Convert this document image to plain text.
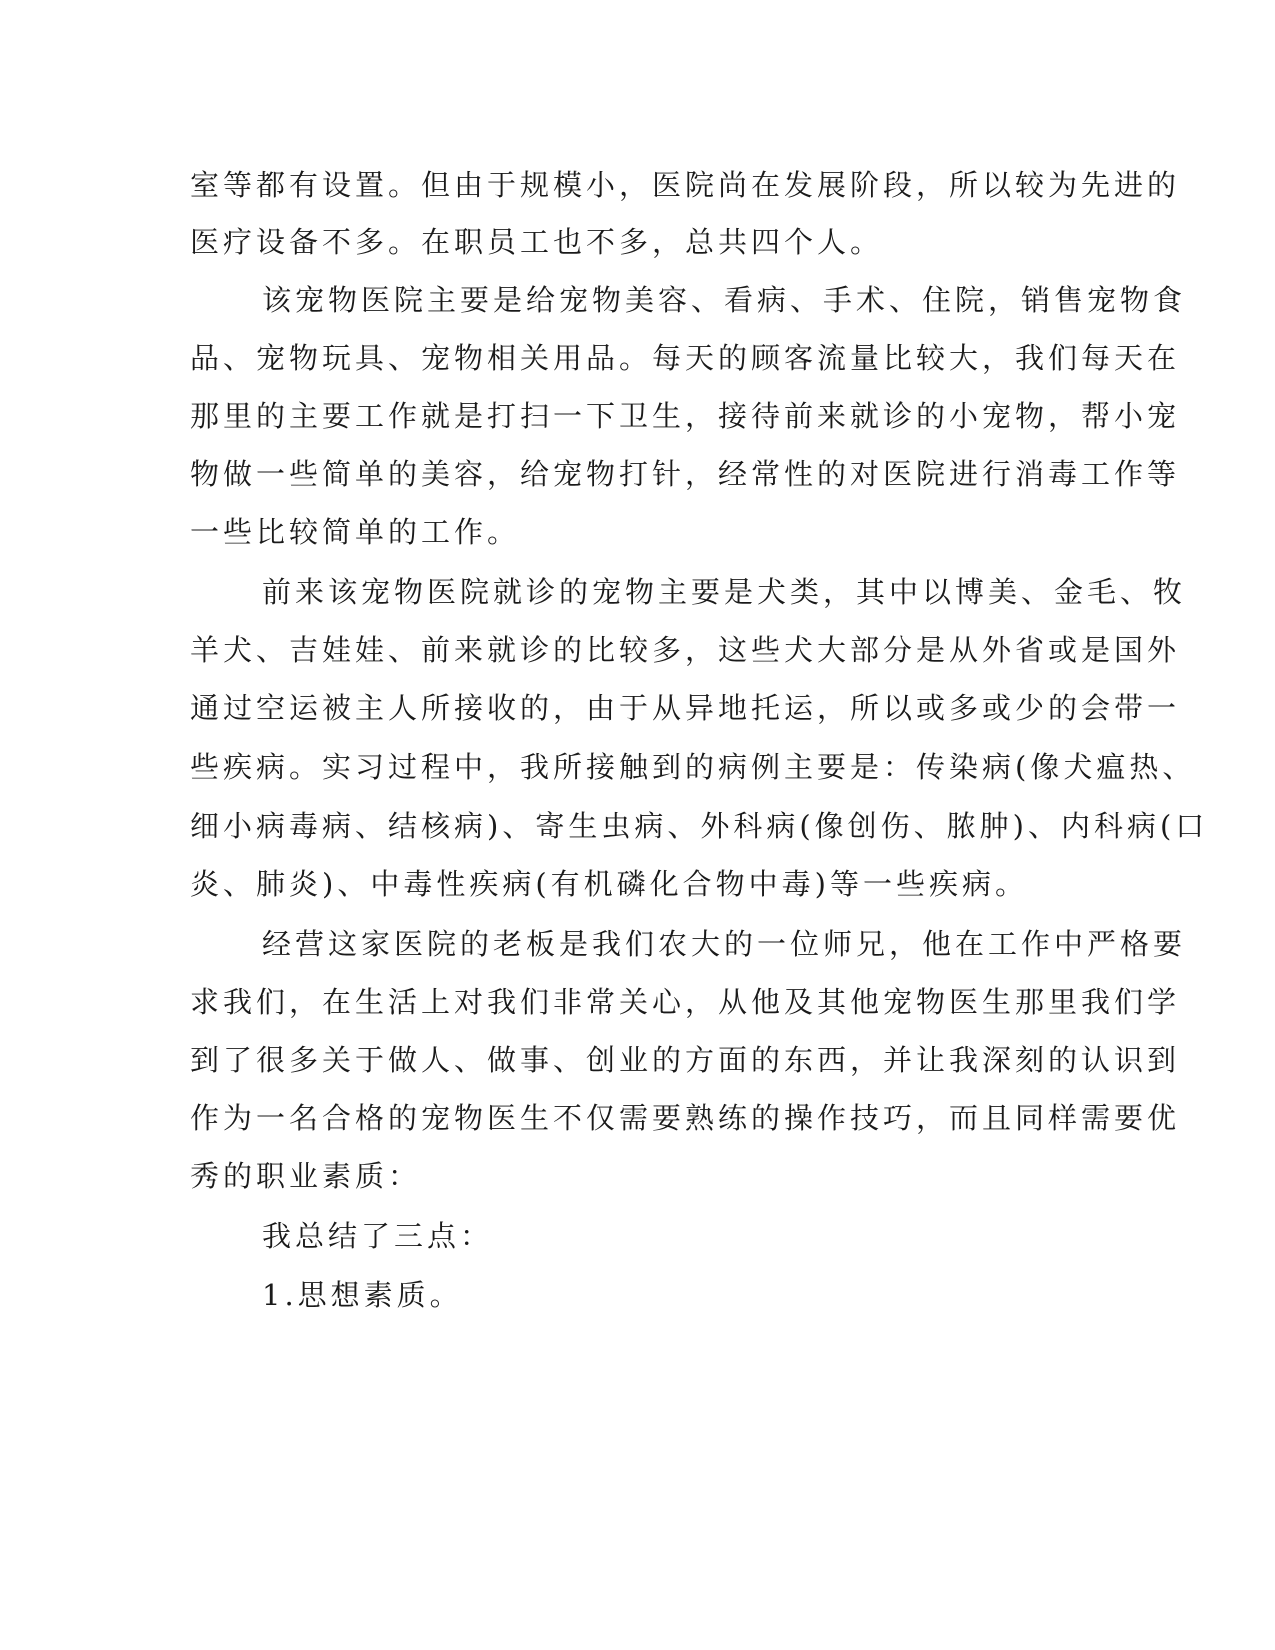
室等都有设置。但由于规模小，医院尚在发展阶段，所以较为先进的

医疗设备不多。在职员工也不多，总共四个人。

该宠物医院主要是给宠物美容、看病、手术、住院，销售宠物食

品、宠物玩具、宠物相关用品。每天的顾客流量比较大，我们每天在

那里的主要工作就是打扫一下卫生，接待前来就诊的小宠物，帮小宠

物做一些简单的美容，给宠物打针，经常性的对医院进行消毒工作等

一些比较简单的工作。

前来该宠物医院就诊的宠物主要是犬类，其中以博美、金毛、牧

羊犬、吉娃娃、前来就诊的比较多，这些犬大部分是从外省或是国外

通过空运被主人所接收的，由于从异地托运，所以或多或少的会带一

些疾病。实习过程中，我所接触到的病例主要是：传染病(像犬瘟热、

细小病毒病、结核病)、寄生虫病、外科病(像创伤、脓肿)、内科病(口

炎、肺炎)、中毒性疾病(有机磷化合物中毒)等一些疾病。

经营这家医院的老板是我们农大的一位师兄，他在工作中严格要

求我们，在生活上对我们非常关心，从他及其他宠物医生那里我们学

到了很多关于做人、做事、创业的方面的东西，并让我深刻的认识到

作为一名合格的宠物医生不仅需要熟练的操作技巧，而且同样需要优

秀的职业素质：

我总结了三点：

1.思想素质。
